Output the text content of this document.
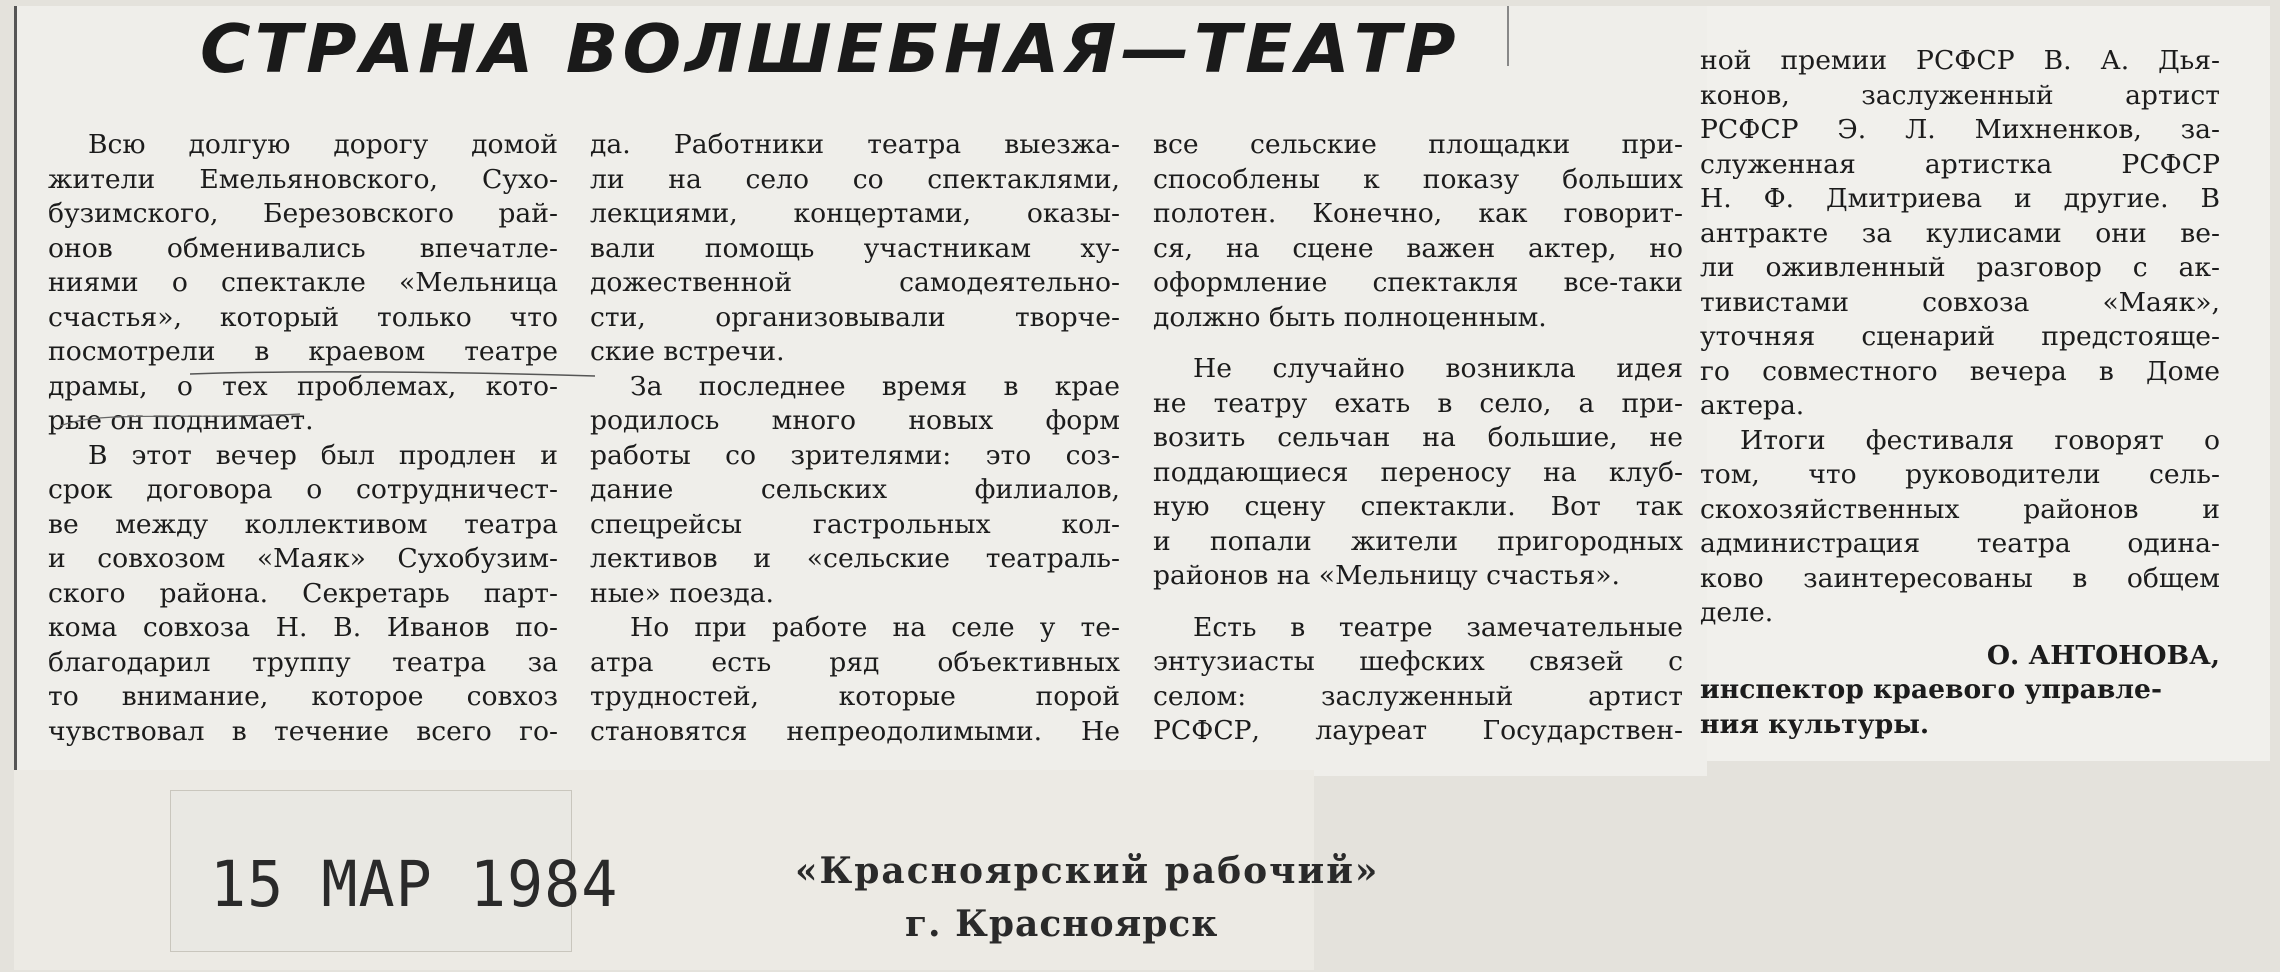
СТРАНА ВОЛШЕБНАЯ—ТЕАТР

Всю долгую дорогу домой

жители Емельяновского, Сухо-

бузимского, Березовского рай-

онов обменивались впечатле-

ниями о спектакле «Мельница

счастья», который только что

посмотрели в краевом театре

драмы, о тех проблемах, кото-

рые он поднимает.

В этот вечер был продлен и

срок договора о сотрудничест-

ве между коллективом театра

и совхозом «Маяк» Сухобузим-

ского района. Секретарь парт-

кома совхоза Н. В. Иванов по-

благодарил труппу театра за

то внимание, которое совхоз

чувствовал в течение всего го-

да. Работники театра выезжа-

ли на село со спектаклями,

лекциями, концертами, оказы-

вали помощь участникам ху-

дожественной самодеятельно-

сти, организовывали творче-

ские встречи.

За последнее время в крае

родилось много новых форм

работы со зрителями: это соз-

дание сельских филиалов,

спецрейсы гастрольных кол-

лективов и «сельские театраль-

ные» поезда.

Но при работе на селе у те-

атра есть ряд объективных

трудностей, которые порой

становятся непреодолимыми. Не

все сельские площадки при-

способлены к показу больших

полотен. Конечно, как говорит-

ся, на сцене важен актер, но

оформление спектакля все-таки

должно быть полноценным.

Не случайно возникла идея

не театру ехать в село, а при-

возить сельчан на большие, не

поддающиеся переносу на клуб-

ную сцену спектакли. Вот так

и попали жители пригородных

районов на «Мельницу счастья».

Есть в театре замечательные

энтузиасты шефских связей с

селом: заслуженный артист

РСФСР, лауреат Государствен-

ной премии РСФСР В. А. Дья-

конов, заслуженный артист

РСФСР Э. Л. Михненков, за-

служенная артистка РСФСР

Н. Ф. Дмитриева и другие. В

антракте за кулисами они ве-

ли оживленный разговор с ак-

тивистами совхоза «Маяк»,

уточняя сценарий предстояще-

го совместного вечера в Доме

актера.

Итоги фестиваля говорят о

том, что руководители сель-

скохозяйственных районов и

администрация театра одина-

ково заинтересованы в общем

деле.

О. АНТОНОВА,

инспектор краевого управле-
ния культуры.

15 МАР 1984	«Красноярский рабочий»
г. Красноярск
